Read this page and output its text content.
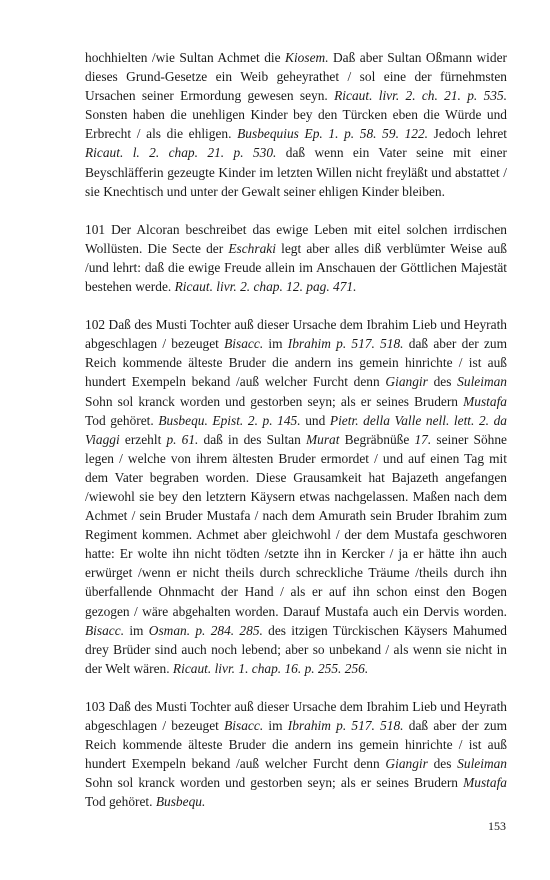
hochhielten /wie Sultan Achmet die Kiosem. Daß aber Sultan Oßmann wider dieses Grund-Gesetze ein Weib geheyrathet / sol eine der fürnehmsten Ursachen seiner Ermordung gewesen seyn. Ricaut. livr. 2. ch. 21. p. 535. Sonsten haben die unehligen Kinder bey den Türcken eben die Würde und Erbrecht / als die ehligen. Busbequius Ep. 1. p. 58. 59. 122. Jedoch lehret Ricaut. l. 2. chap. 21. p. 530. daß wenn ein Vater seine mit einer Beyschläfferin gezeugte Kinder im letzten Willen nicht freyläßt und abstattet / sie Knechtisch und unter der Gewalt seiner ehligen Kinder bleiben.

101 Der Alcoran beschreibet das ewige Leben mit eitel solchen irrdischen Wollüsten. Die Secte der Eschraki legt aber alles diß verblümter Weise auß /und lehrt: daß die ewige Freude allein im Anschauen der Göttlichen Majestät bestehen werde. Ricaut. livr. 2. chap. 12. pag. 471.

102 Daß des Musti Tochter auß dieser Ursache dem Ibrahim Lieb und Heyrath abgeschlagen / bezeuget Bisacc. im Ibrahim p. 517. 518. daß aber der zum Reich kommende älteste Bruder die andern ins gemein hinrichte / ist auß hundert Exempeln bekand /auß welcher Furcht denn Giangir des Suleiman Sohn sol kranck worden und gestorben seyn; als er seines Brudern Mustafa Tod gehöret. Busbequ. Epist. 2. p. 145. und Pietr. della Valle nell. lett. 2. da Viaggi erzehlt p. 61. daß in des Sultan Murat Begräbnüße 17. seiner Söhne legen / welche von ihrem ältesten Bruder ermordet / und auf einen Tag mit dem Vater begraben worden. Diese Grausamkeit hat Bajazeth angefangen /wiewohl sie bey den letztern Käysern etwas nachgelassen. Maßen nach dem Achmet / sein Bruder Mustafa / nach dem Amurath sein Bruder Ibrahim zum Regiment kommen. Achmet aber gleichwohl / der dem Mustafa geschworen hatte: Er wolte ihn nicht tödten /setzte ihn in Kercker / ja er hätte ihn auch erwürget /wenn er nicht theils durch schreckliche Träume /theils durch ihn überfallende Ohnmacht der Hand / als er auf ihn schon einst den Bogen gezogen / wäre abgehalten worden. Darauf Mustafa auch ein Dervis worden. Bisacc. im Osman. p. 284. 285. des itzigen Türckischen Käysers Mahumed drey Brüder sind auch noch lebend; aber so unbekand / als wenn sie nicht in der Welt wären. Ricaut. livr. 1. chap. 16. p. 255. 256.

103 Daß des Musti Tochter auß dieser Ursache dem Ibrahim Lieb und Heyrath abgeschlagen / bezeuget Bisacc. im Ibrahim p. 517. 518. daß aber der zum Reich kommende älteste Bruder die andern ins gemein hinrichte / ist auß hundert Exempeln bekand /auß welcher Furcht denn Giangir des Suleiman Sohn sol kranck worden und gestorben seyn; als er seines Brudern Mustafa Tod gehöret. Busbequ.

153
